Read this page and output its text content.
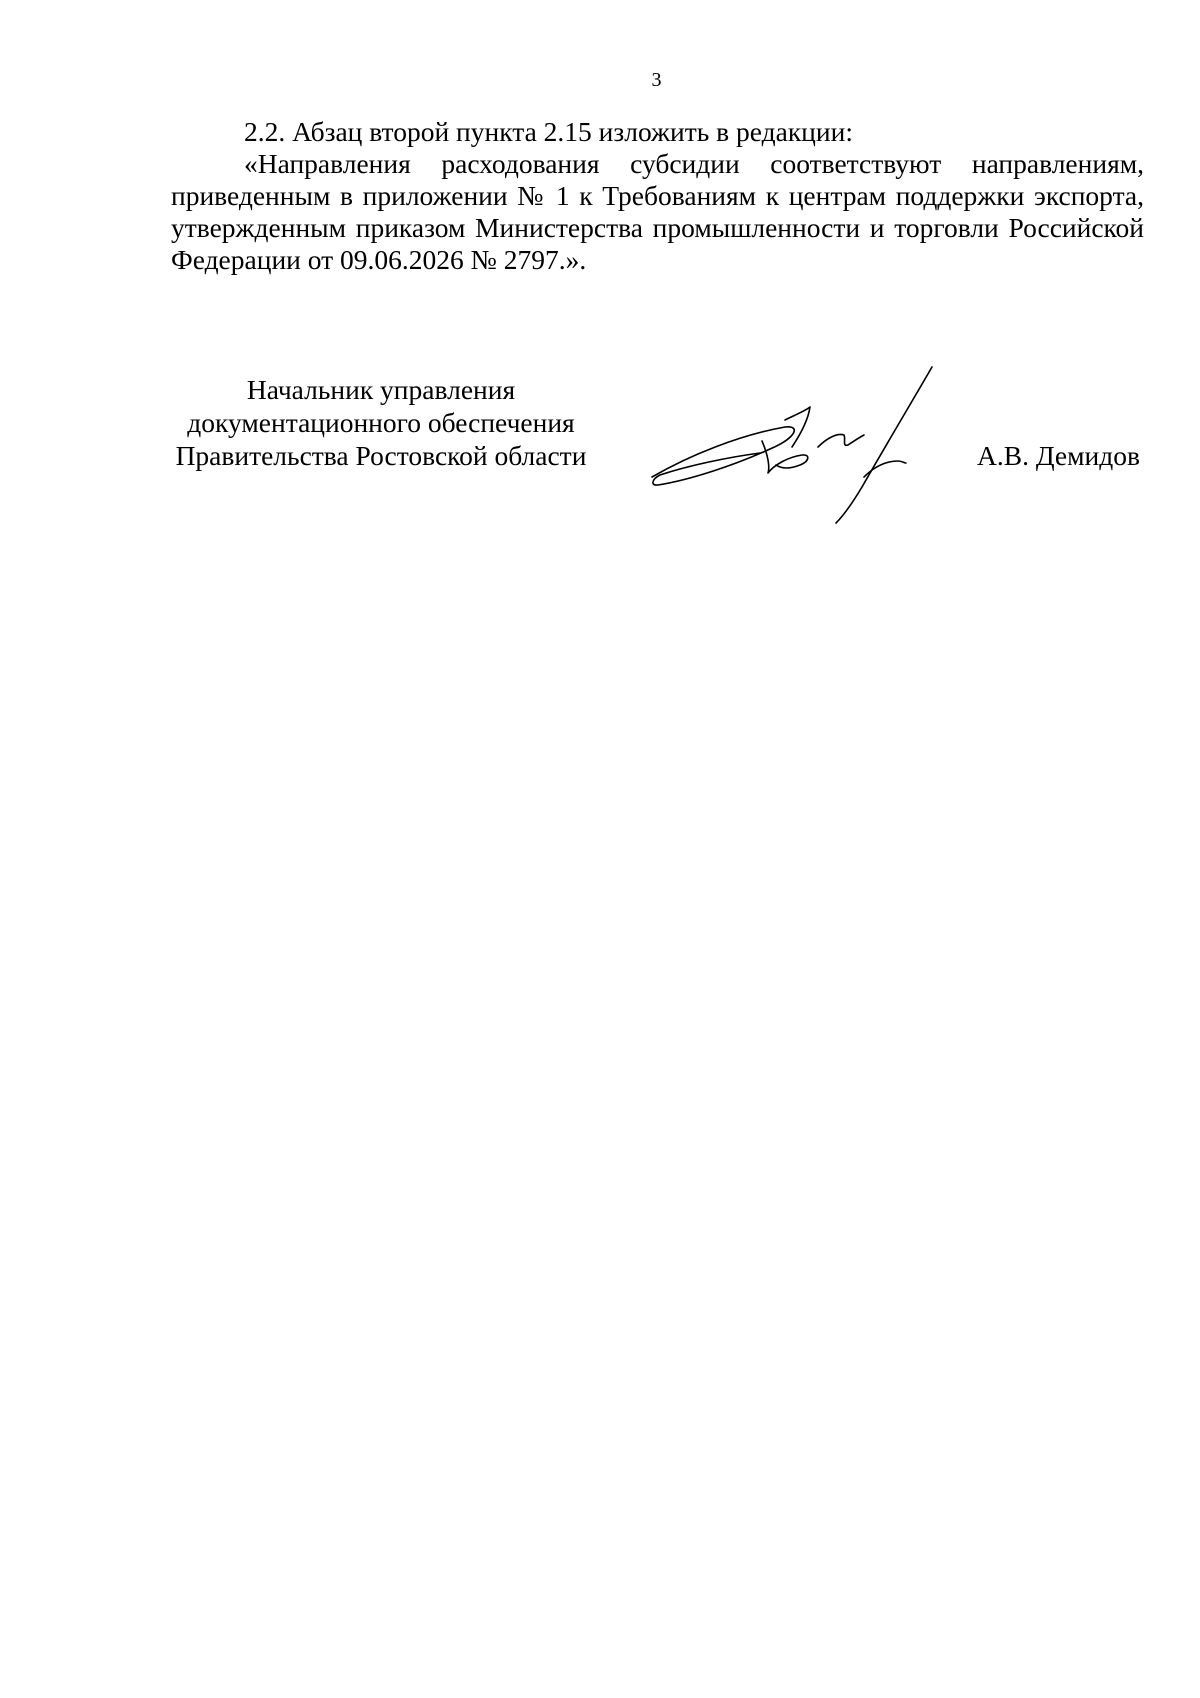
3
2.2. Абзац второй пункта 2.15 изложить в редакции:
«Направления расходования субсидии соответствуют направлениям, приведенным в приложении № 1 к Требованиям к центрам поддержки экспорта, утвержденным приказом Министерства промышленности и торговли Российской Федерации от 09.06.2026 № 2797.».
Начальник управления
документационного обеспечения
Правительства Ростовской области	А.В. Демидов
